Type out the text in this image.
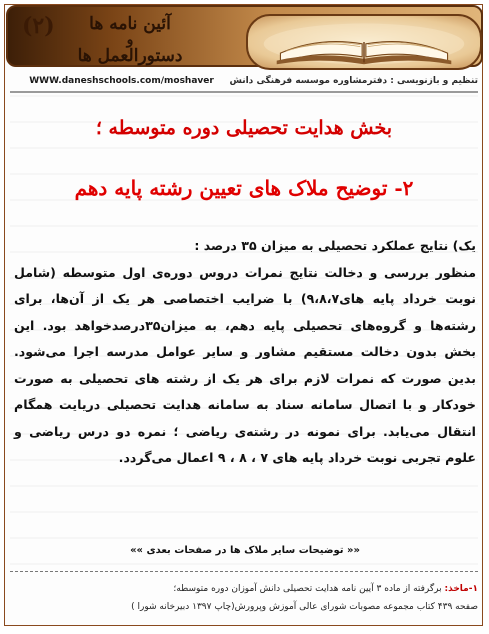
(۲)	آئین نامه ها
و
دستورالعمل ها
تنظیم و بازنویسی : دفترمشاوره موسسه فرهنگی دانش     WWW.daneshschools.com/moshaver
بخش هدایت تحصیلی دوره متوسطه ؛
۲- توضیح ملاک های تعیین رشته پایه دهم

یک) نتایج عملکرد تحصیلی به میزان ۳۵ درصد :

منظور بررسی و دخالت نتایج نمرات دروس دوره‌ی اول متوسطه (شامل نوبت خرداد پایه های۹،۸،۷) با ضرایب اختصاصی هر یک از آن‌ها، برای رشته‌ها و گروه‌های تحصیلی پایه دهم، به میزان۳۵درصدخواهد بود. این بخش بدون دخالت مستقیم مشاور و سایر عوامل مدرسه اجرا می‌شود. بدین صورت که نمرات لازم برای هر یک از رشته های تحصیلی به صورت خودکار و با اتصال سامانه سناد به سامانه هدایت تحصیلی دریایت همگام انتقال می‌یابد. برای نمونه در رشته‌ی ریاضی ؛ نمره دو درس ریاضی و علوم تجربی نوبت خرداد پایه های ۷ ، ۸ ، ۹ اعمال می‌گردد.

«« توضیحات سایر ملاک ها در صفحات بعدی »»
۱-ماخذ: برگرفته از ماده ۳ آیین نامه هدایت تحصیلی دانش آموزان دوره متوسطه؛
صفحه ۴۳۹ کتاب مجموعه مصوبات شورای عالی آموزش وپرورش(چاپ ۱۳۹۷ دبیرخانه شورا )
